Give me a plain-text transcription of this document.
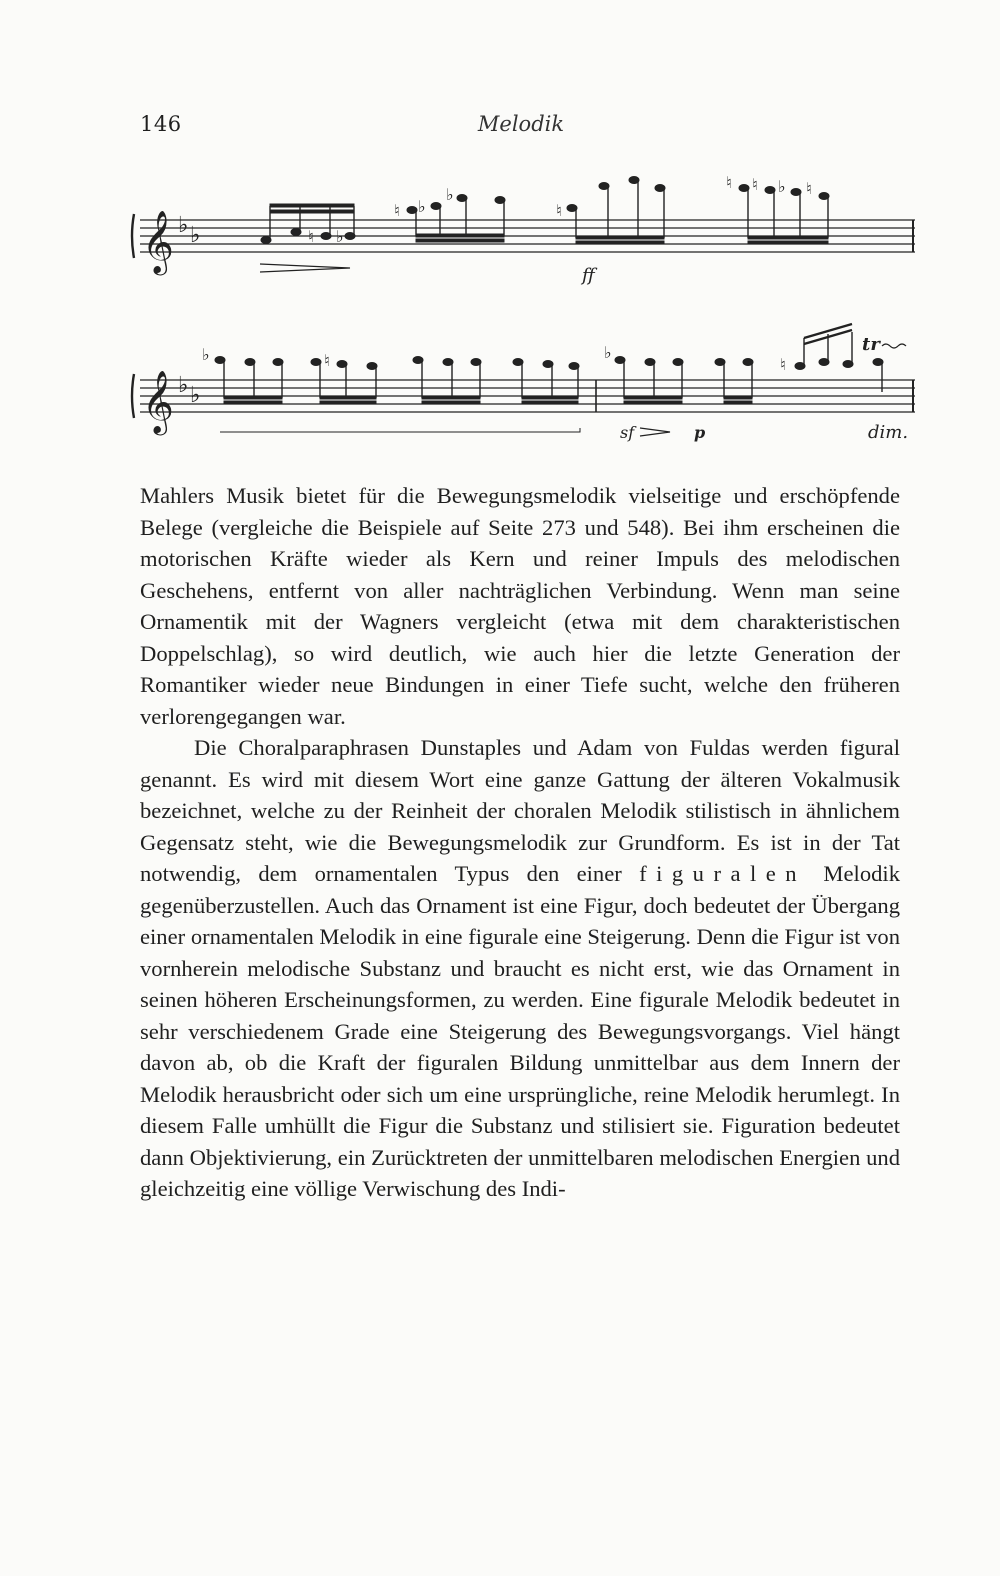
146	Melodik
𝄞 ♭ ♭	♮ ♭
♮ ♭
♭
♮
♮ ♮ ♭ ♮
ff
𝄞 ♭ ♭
♭	♮	♭
♮
tr
sf	p	dim.

Mahlers Musik bietet für die Bewegungsmelodik vielseitige und erschöpfende Belege (vergleiche die Beispiele auf Seite 273 und 548). Bei ihm erscheinen die motorischen Kräfte wieder als Kern und reiner Impuls des melodischen Geschehens, entfernt von aller nachträglichen Verbindung. Wenn man seine Ornamentik mit der Wagners vergleicht (etwa mit dem charakteristischen Doppelschlag), so wird deutlich, wie auch hier die letzte Generation der Romantiker wieder neue Bindungen in einer Tiefe sucht, welche den früheren verlorengegangen war.

Die Choralparaphrasen Dunstaples und Adam von Fuldas werden figural genannt. Es wird mit diesem Wort eine ganze Gattung der älteren Vokalmusik bezeichnet, welche zu der Reinheit der choralen Melodik stilistisch in ähnlichem Gegensatz steht, wie die Bewegungsmelodik zur Grundform. Es ist in der Tat notwendig, dem ornamentalen Typus den einer figuralen Melodik gegenüberzustellen. Auch das Ornament ist eine Figur, doch bedeutet der Übergang einer ornamentalen Melodik in eine figurale eine Steigerung. Denn die Figur ist von vornherein melodische Substanz und braucht es nicht erst, wie das Ornament in seinen höheren Erscheinungsformen, zu werden. Eine figurale Melodik bedeutet in sehr verschiedenem Grade eine Steigerung des Bewegungsvorgangs. Viel hängt davon ab, ob die Kraft der figuralen Bildung unmittelbar aus dem Innern der Melodik herausbricht oder sich um eine ursprüngliche, reine Melodik herumlegt. In diesem Falle umhüllt die Figur die Substanz und stilisiert sie. Figuration bedeutet dann Objektivierung, ein Zurücktreten der unmittelbaren melodischen Energien und gleichzeitig eine völlige Verwischung des Indi-
